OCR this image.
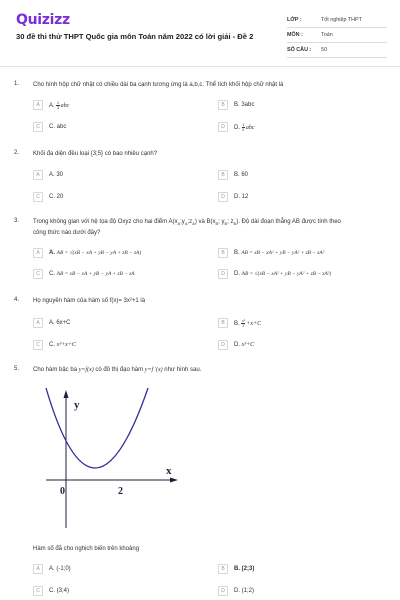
Quizizz
30 đề thi thử THPT Quốc gia môn Toán năm 2022 có lời giải - Đề 2
LỚP :	Tốt nghiệp THPT
MÔN :	Toán
SỐ CÂU :	50
1. Cho hình hộp chữ nhật có chiều dài ba cạnh tương ứng là a,b,c. Thể tích khối hộp chữ nhật là
A	A. $\frac{1}{3}$ abc	B	B. 3abc
C	C. abc	D	D. $\frac{1}{2}$ abc
2. Khối đa diện đều loại {3;5} có bao nhiêu cạnh?
A	A. 30	B	B. 60
C	C. 20	D	D. 12
3. Trong không gian với hệ tọa độ Oxyz cho hai điểm $A(x_A;y_A;z_A)$ và $B(x_B$; $y_B$; $z_B$). Độ dài đoạn thẳng AB được tính theo
công thức nào dưới đây?
A	A. AB = √(xB − xA + yB − yA + zB − zA)	B	B. AB = xB − xA² + yB − yA² + zB − zA²
C	C. AB = xB − xA + yB − yA + zB − zA	D	D. AB = √(xB − xA² + yB − yA² + zB − zA²)
4. Họ nguyên hàm của hàm số f(x)= 3x²+1 là
A	A. 6x+C	B	B. $\frac{\text{x³}}{3} +x+C$
C	C. x³+x+C	D	D. x³+C
5. Cho hàm bậc ba y=f(x) có đồ thị đạo hàm y=f '(x) như hình sau.
y
x
0	2
Hàm số đã cho nghịch biến trên khoảng
A	A. (-1;0)	B	B. (2;3)
C	C. (3;4)	D	D. (1;2)
